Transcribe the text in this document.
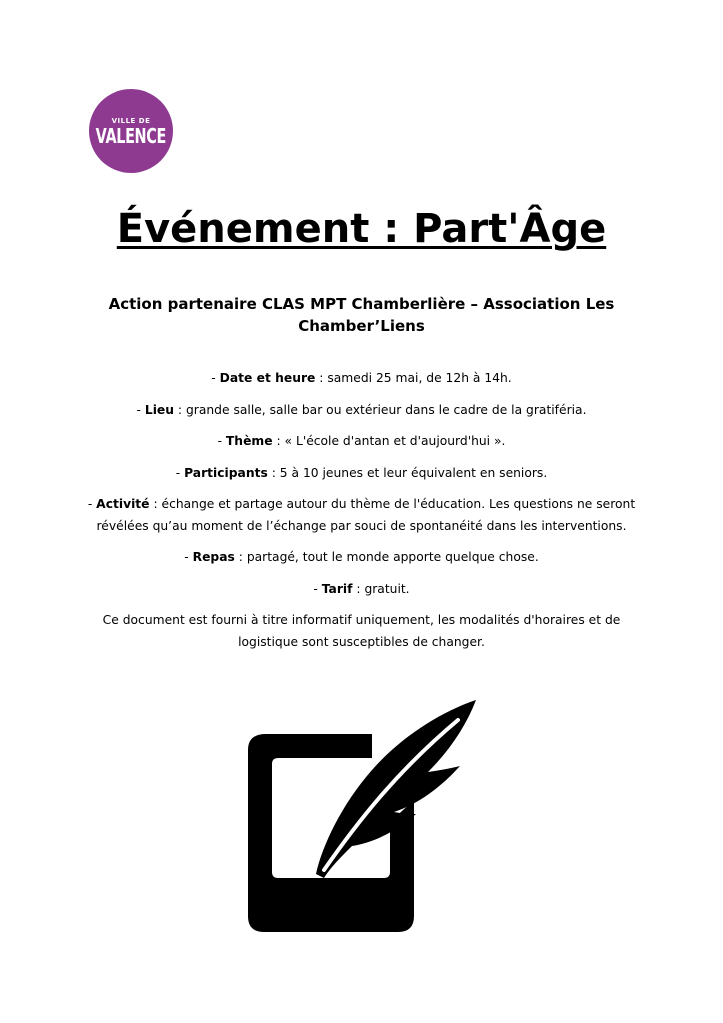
VILLE DE
VALENCE
Événement : Part'Âge

Action partenaire CLAS MPT Chamberlière – Association Les Chamber’Liens

- Date et heure : samedi 25 mai, de 12h à 14h.

- Lieu : grande salle, salle bar ou extérieur dans le cadre de la gratiféria.

- Thème : « L'école d'antan et d'aujourd'hui ».

- Participants : 5 à 10 jeunes et leur équivalent en seniors.

- Activité : échange et partage autour du thème de l'éducation. Les questions ne seront révélées qu’au moment de l’échange par souci de spontanéité dans les interventions.

- Repas : partagé, tout le monde apporte quelque chose.

- Tarif : gratuit.

Ce document est fourni à titre informatif uniquement, les modalités d'horaires et de logistique sont susceptibles de changer.
